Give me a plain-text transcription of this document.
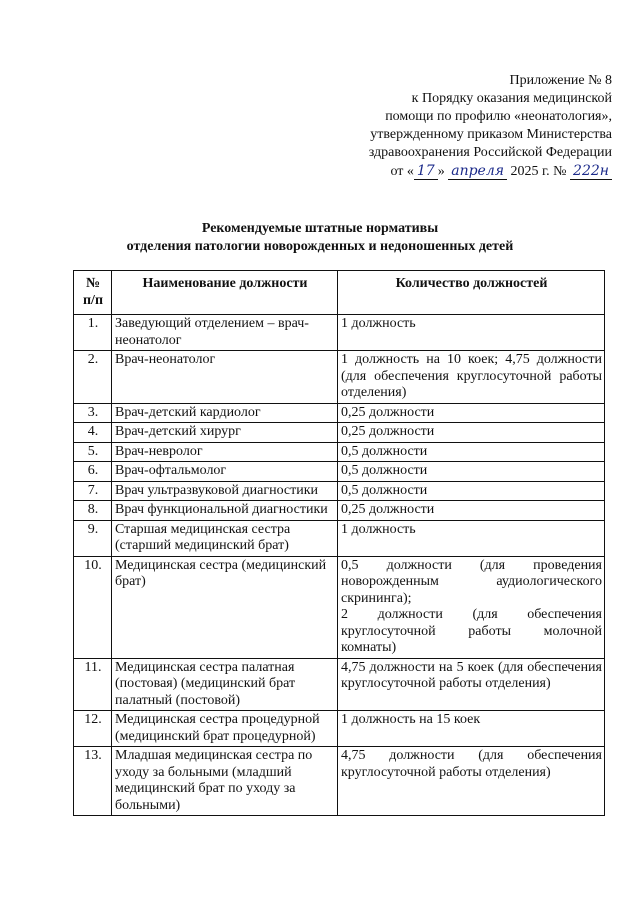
Приложение № 8
к Порядку оказания медицинской
помощи по профилю «неонатология»,
утвержденному приказом Министерства
здравоохранения Российской Федерации
от « 17 » апреля 2025 г. № 222н
Рекомендуемые штатные нормативы
отделения патологии новорожденных и недоношенных детей
№
п/п	Наименование должности	Количество должностей
1.	Заведующий отделением – врач-неонатолог	1 должность

2.	Врач-неонатолог	1 должность на 10 коек; 4,75 должности (для обеспечения круглосуточной работы отделения)

3.	Врач-детский кардиолог	0,25 должности

4.	Врач-детский хирург	0,25 должности

5.	Врач-невролог	0,5 должности

6.	Врач-офтальмолог	0,5 должности

7.	Врач ультразвуковой диагностики	0,5 должности

8.	Врач функциональной диагностики	0,25 должности

9.	Старшая медицинская сестра (старший медицинский брат)	1 должность

10.	Медицинская сестра (медицинский брат)	0,5 должности (для проведения новорожденным аудиологического скрининга);
2 должности (для обеспечения круглосуточной работы молочной комнаты)

11.	Медицинская сестра палатная (постовая) (медицинский брат палатный (постовой)	4,75 должности на 5 коек (для обеспечения круглосуточной работы отделения)

12.	Медицинская сестра процедурной (медицинский брат процедурной)	1 должность на 15 коек

13.	Младшая медицинская сестра по уходу за больными (младший медицинский брат по уходу за больными)	4,75 должности (для обеспечения круглосуточной работы отделения)
